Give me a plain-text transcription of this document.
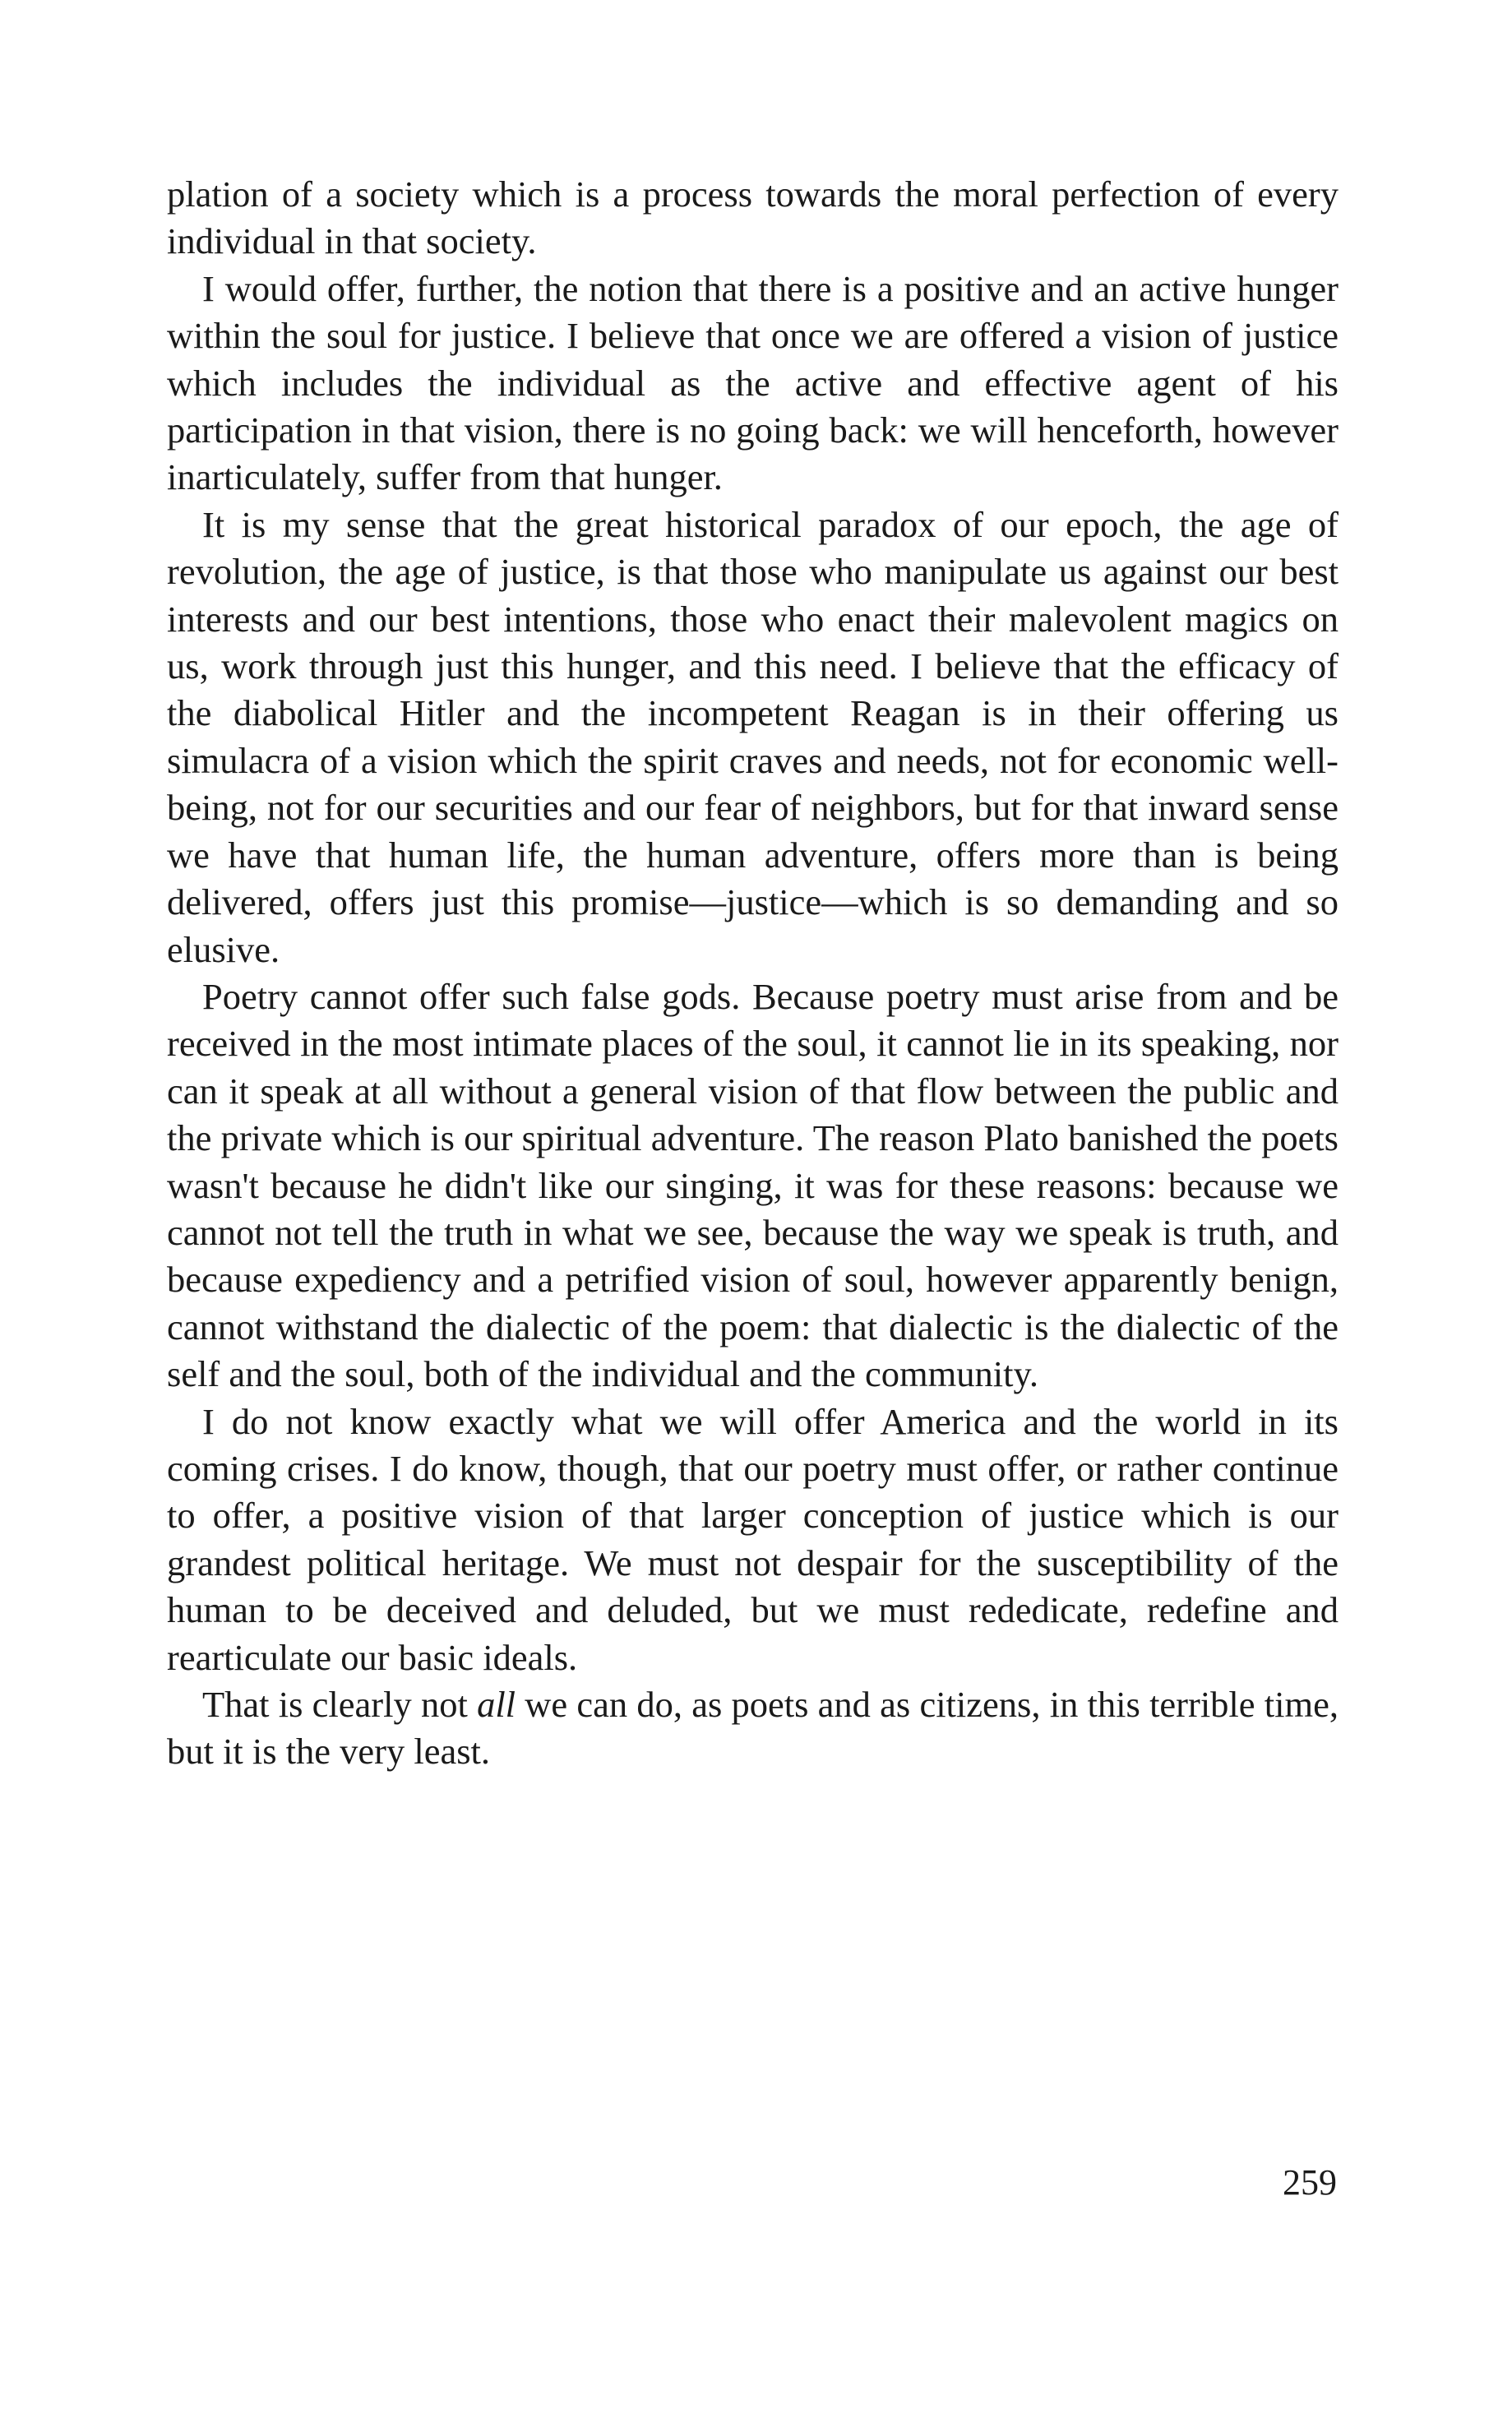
plation of a society which is a process towards the moral perfection of every individual in that society.

I would offer, further, the notion that there is a positive and an active hunger within the soul for justice. I believe that once we are offered a vision of justice which includes the individual as the active and effective agent of his participation in that vision, there is no going back: we will henceforth, however inarticulately, suffer from that hunger.

It is my sense that the great historical paradox of our epoch, the age of revolution, the age of justice, is that those who manipulate us against our best interests and our best intentions, those who enact their malevolent magics on us, work through just this hunger, and this need. I believe that the efficacy of the diabolical Hitler and the incompetent Reagan is in their offering us simulacra of a vision which the spirit craves and needs, not for economic well-being, not for our securities and our fear of neighbors, but for that inward sense we have that human life, the human adventure, offers more than is being delivered, offers just this promise—justice—which is so demanding and so elusive.

Poetry cannot offer such false gods. Because poetry must arise from and be received in the most intimate places of the soul, it cannot lie in its speaking, nor can it speak at all without a general vision of that flow between the public and the private which is our spiritual adventure. The reason Plato banished the poets wasn't because he didn't like our singing, it was for these reasons: because we cannot not tell the truth in what we see, because the way we speak is truth, and because expediency and a petrified vision of soul, however apparently benign, cannot withstand the dialectic of the poem: that dialectic is the dialectic of the self and the soul, both of the individual and the community.

I do not know exactly what we will offer America and the world in its coming crises. I do know, though, that our poetry must offer, or rather continue to offer, a positive vision of that larger conception of justice which is our grandest political heritage. We must not despair for the susceptibility of the human to be deceived and deluded, but we must rededicate, redefine and rearticulate our basic ideals.

That is clearly not all we can do, as poets and as citizens, in this terrible time, but it is the very least.

259
